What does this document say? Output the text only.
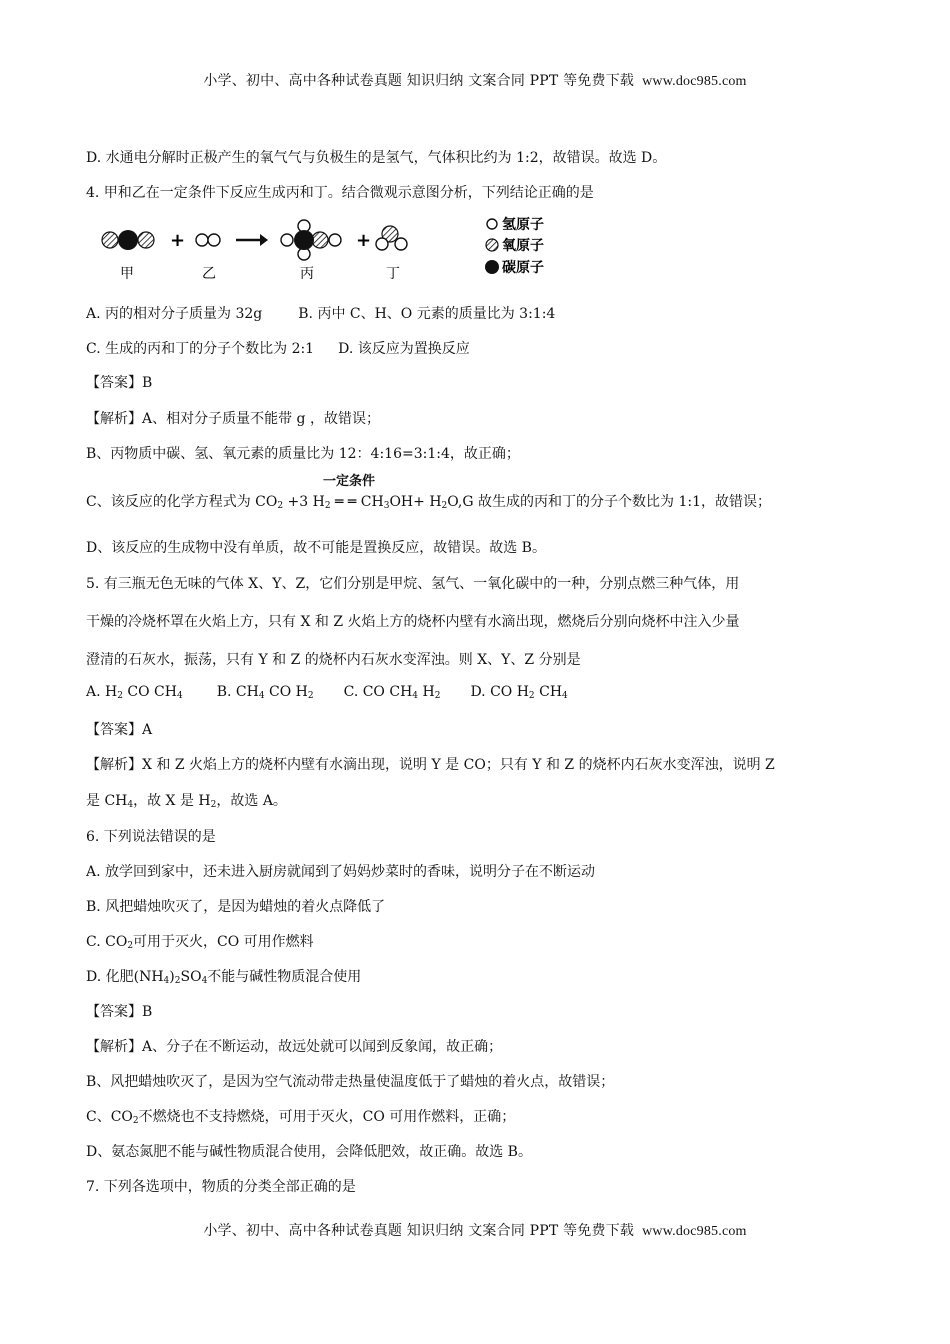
小学、初中、高中各种试卷真题 知识归纳 文案合同 PPT 等免费下载 www.doc985.com
D. 水通电分解时正极产生的氧气气与负极生的是氢气，气体积比约为 1:2，故错误。故选 D。
4. 甲和乙在一定条件下反应生成丙和丁。结合微观示意图分析，下列结论正确的是
+	+
甲	乙	丙	丁
氢原子
氧原子
碳原子
A. 丙的相对分子质量为 32g	B. 丙中 C、H、O 元素的质量比为 3:1:4
C. 生成的丙和丁的分子个数比为 2:1 D. 该反应为置换反应
【答案】B
【解析】A、相对分子质量不能带 g ，故错误；
B、丙物质中碳、氢、氧元素的质量比为 12：4:16=3:1:4，故正确；
一定条件
C、该反应的化学方程式为 $CO_2 +3$ $H_2$ ═ ═ $CH_3OH+ H_2O,G$ 故生成的丙和丁的分子个数比为 1:1，故错误；
D、该反应的生成物中没有单质，故不可能是置换反应，故错误。故选 B。
5. 有三瓶无色无味的气体 X、Y、Z，它们分别是甲烷、氢气、一氧化碳中的一种，分别点燃三种气体，用
干燥的冷烧杯罩在火焰上方，只有 X 和 Z 火焰上方的烧杯内壁有水滴出现，燃烧后分别向烧杯中注入少量
澄清的石灰水，振荡，只有 Y 和 Z 的烧杯内石灰水变浑浊。则 X、Y、Z 分别是
A. $H_2$ CO $CH_4$ B. $CH_4$ CO $H_2$ C. CO $CH_4$ $H_2$ D. CO $H_2$ $CH_4$
【答案】A
【解析】X 和 Z 火焰上方的烧杯内壁有水滴出现，说明 Y 是 CO；只有 Y 和 Z 的烧杯内石灰水变浑浊，说明 Z
是 $CH_4$，故 X 是 $H_2$，故选 A。
6. 下列说法错误的是
A. 放学回到家中，还未进入厨房就闻到了妈妈炒菜时的香味，说明分子在不断运动
B. 风把蜡烛吹灭了，是因为蜡烛的着火点降低了
C. $CO_2$可用于灭火，CO 可用作燃料
D. 化肥$(NH_4)_2SO_4$不能与碱性物质混合使用
【答案】B
【解析】A、分子在不断运动，故远处就可以闻到反象闻，故正确；
B、风把蜡烛吹灭了，是因为空气流动带走热量使温度低于了蜡烛的着火点，故错误；
C、$CO_2$不燃烧也不支持燃烧，可用于灭火，CO 可用作燃料，正确；
D、氨态氮肥不能与碱性物质混合使用，会降低肥效，故正确。故选 B。
7. 下列各选项中，物质的分类全部正确的是
小学、初中、高中各种试卷真题 知识归纳 文案合同 PPT 等免费下载 www.doc985.com
